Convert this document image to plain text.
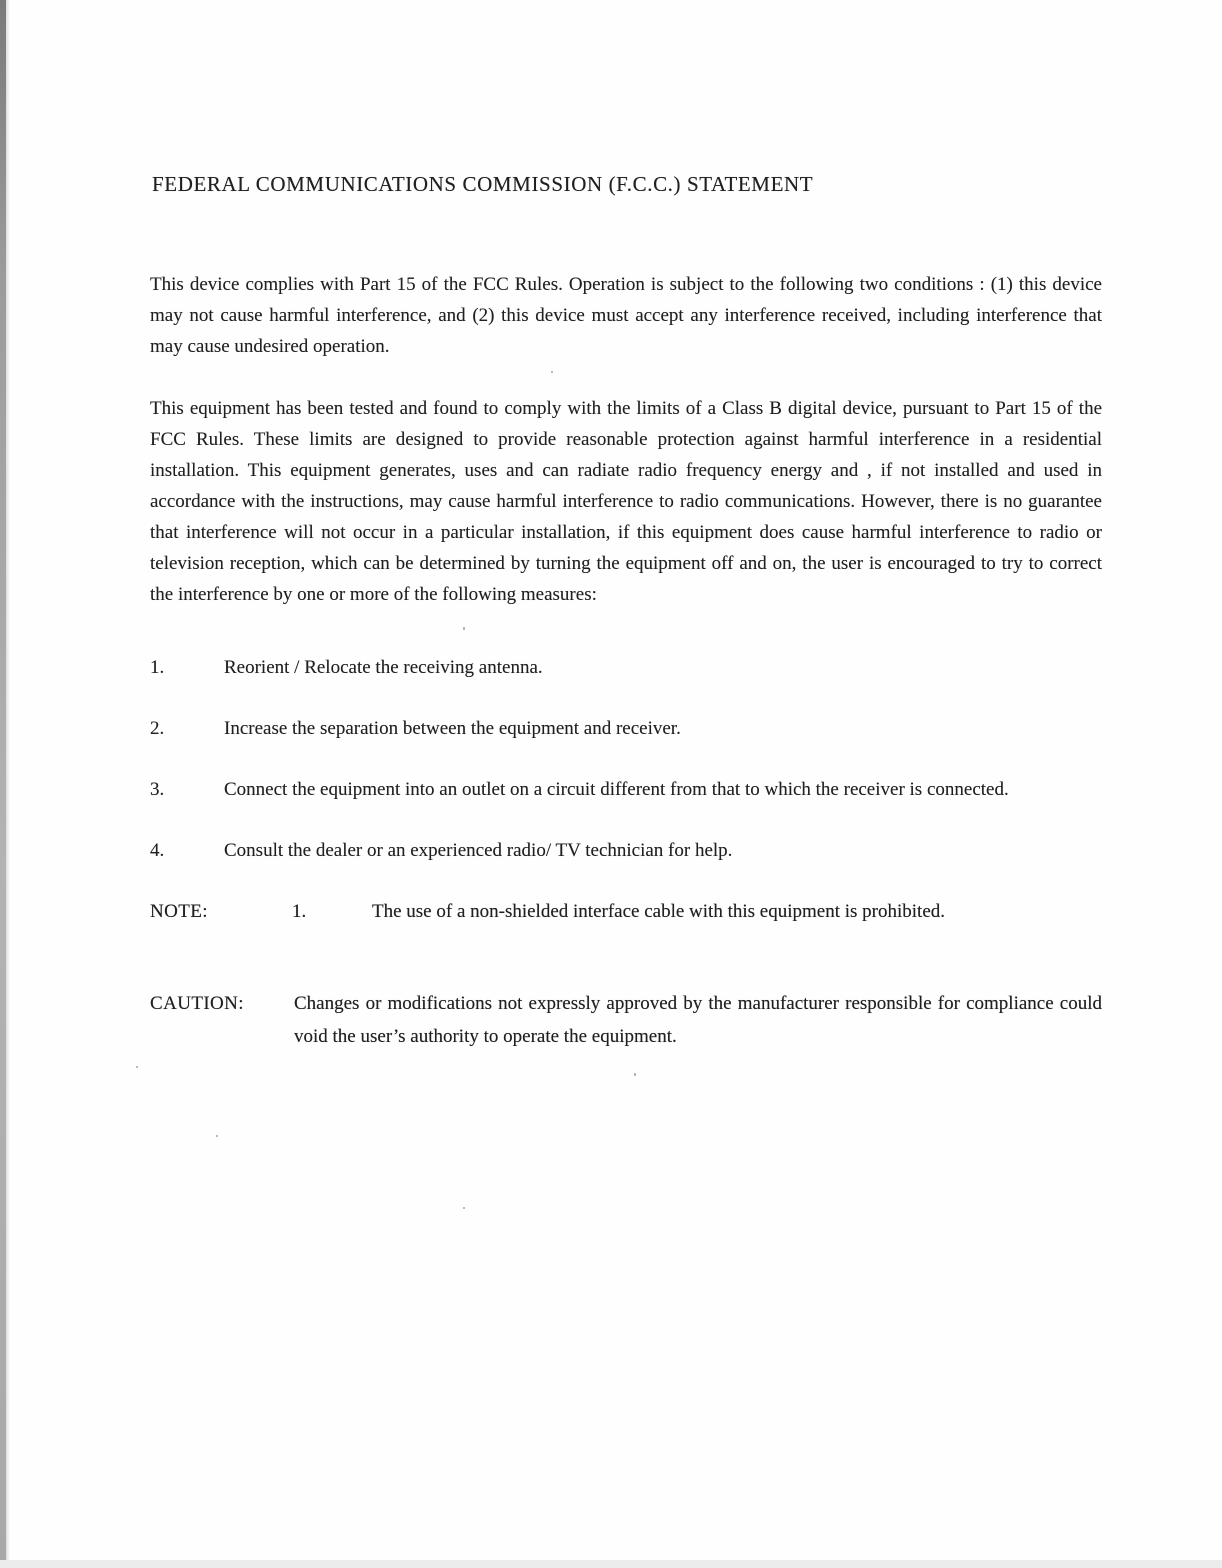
FEDERAL COMMUNICATIONS COMMISSION (F.C.C.) STATEMENT

This device complies with Part 15 of the FCC Rules. Operation is subject to the following two conditions : (1) this device may not cause harmful interference, and (2) this device must accept any interference received, including interference that may cause undesired operation.

This equipment has been tested and found to comply with the limits of a Class B digital device, pursuant to Part 15 of the FCC Rules. These limits are designed to provide reasonable protection against harmful interference in a residential installation. This equipment generates, uses and can radiate radio frequency energy and , if not installed and used in accordance with the instructions, may cause harmful interference to radio communications. However, there is no guarantee that interference will not occur in a particular installation, if this equipment does cause harmful interference to radio or television reception, which can be determined by turning the equipment off and on, the user is encouraged to try to correct the interference by one or more of the following measures:

1.	Reorient / Relocate the receiving antenna.
2.	Increase the separation between the equipment and receiver.
3.	Connect the equipment into an outlet on a circuit different from that to which the receiver is connected.
4.	Consult the dealer or an experienced radio/ TV technician for help.
NOTE:	1.	The use of a non-shielded interface cable with this equipment is prohibited.
CAUTION:	Changes or modifications not expressly approved by the manufacturer responsible for compliance could void the user’s authority to operate the equipment.
